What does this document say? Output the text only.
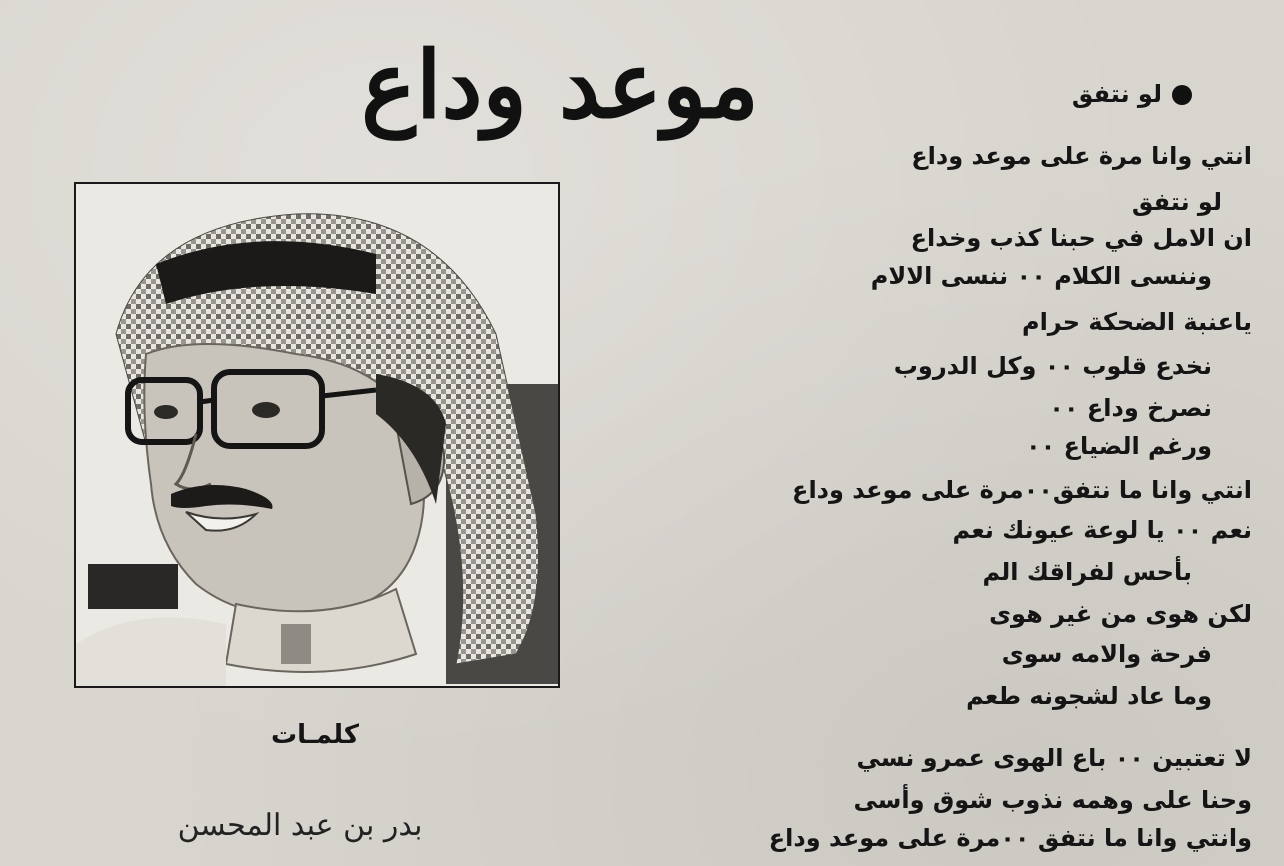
موعد وداع
كلمـات
بدر بن عبد المحسن
لو نتفق
انتي وانا مرة على موعد وداع
لو نتفق
ان الامل في حبنا كذب وخداع
وننسى الكلام ٠٠ ننسى الالام
ياعنبة الضحكة حرام
نخدع قلوب ٠٠ وكل الدروب
نصرخ وداع ٠٠
ورغم الضياع ٠٠
انتي وانا ما نتفق٠٠مرة على موعد وداع
نعم ٠٠ يا لوعة عيونك نعم
بأحس لفراقك الم
لكن هوى من غير هوى
فرحة والامه سوى
وما عاد لشجونه طعم
لا تعتبين ٠٠ باع الهوى عمرو نسي
وحنا على وهمه نذوب شوق وأسى
وانتي وانا ما نتفق ٠٠مرة على موعد وداع
